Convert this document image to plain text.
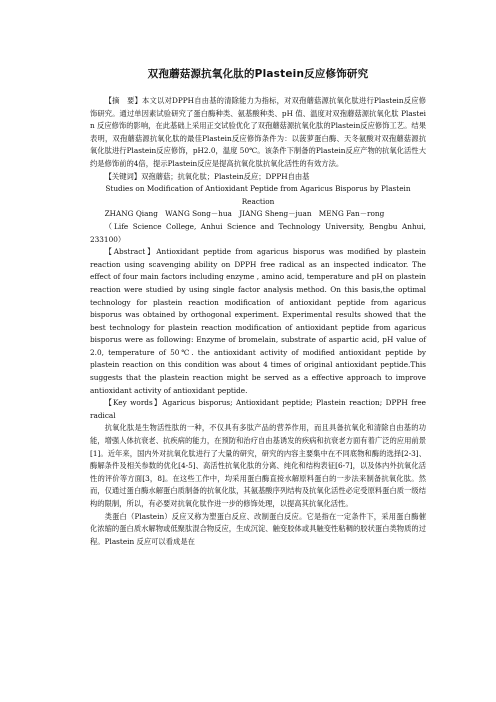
双孢蘑菇源抗氧化肽的Plastein反应修饰研究

【摘　要】本文以对DPPH自由基的清除能力为指标，对双孢蘑菇源抗氧化肽进行Plastein反应修饰研究。通过单因素试验研究了蛋白酶种类、氨基酸种类、pH 值、温度对双孢蘑菇源抗氧化肽 Plastein 反应修饰的影响，在此基础上采用正交试验优化了双孢蘑菇源抗氧化肽的Plastein反应修饰工艺。结果表明，双孢蘑菇源抗氧化肽的最佳Plastein反应修饰条件为：以菠萝蛋白酶、天冬氨酸对双孢蘑菇源抗氧化肽进行Plastein反应修饰，pH2.0，温度 50℃。该条件下制备的Plastein反应产物的抗氧化活性大约是修饰前的4倍，提示Plastein反应是提高抗氧化肽抗氧化活性的有效方法。

【关键词】双孢蘑菇；抗氧化肽；Plastein反应；DPPH自由基

Studies on Modification of Antioxidant Peptide from Agaricus Bisporus by Plastein Reaction

ZHANG Qiang　WANG Song－hua　JIANG Sheng－juan　MENG Fan－rong

（Life Science College, Anhui Science and Technology University, Bengbu Anhui, 233100）

【Abstract】Antioxidant peptide from agaricus bisporus was modified by plastein reaction using scavenging ability on DPPH free radical as an inspected indicator. The effect of four main factors including enzyme , amino acid, temperature and pH on plastein reaction were studied by using single factor analysis method. On this basis,the optimal technology for plastein reaction modification of antioxidant peptide from agaricus bisporus was obtained by orthogonal experiment. Experimental results showed that the best technology for plastein reaction modification of antioxidant peptide from agaricus bisporus were as following: Enzyme of bromelain, substrate of aspartic acid, pH value of 2.0, temperature of 50℃. the antioxidant activity of modified antioxidant peptide by plastein reaction on this condition was about 4 times of original antioxidant peptide.This suggests that the plastein reaction might be served as a effective approach to improve antioxidant activity of antioxidant peptide.

【Key words】Agaricus bisporus; Antioxidant peptide; Plastein reaction; DPPH free radical

抗氧化肽是生物活性肽的一种，不仅具有多肽产品的营养作用，而且具备抗氧化和清除自由基的功能，增强人体抗衰老、抗疾病的能力，在预防和治疗自由基诱发的疾病和抗衰老方面有着广泛的应用前景[1]。近年来，国内外对抗氧化肽进行了大量的研究，研究的内容主要集中在不同底物和酶的选择[2-3]、酶解条件及相关参数的优化[4-5]、高活性抗氧化肽的分离、纯化和结构表征[6-7]，以及体内外抗氧化活性的评价等方面[3，8]。在这些工作中，均采用蛋白酶直接水解原料蛋白的一步法来制备抗氧化肽。然而，仅通过蛋白酶水解蛋白质制备的抗氧化肽，其氨基酸序列结构及抗氧化活性必定受原料蛋白质一级结构的限制，所以，有必要对抗氧化肽作进一步的修饰处理，以提高其抗氧化活性。

类蛋白（Plastein）反应又称为塑蛋白反应、改制蛋白反应。它是指在一定条件下，采用蛋白酶催化浓缩的蛋白质水解物或低聚肽混合物反应，生成沉淀、触变胶体或具触变性粘稠的胶状蛋白类物质的过程。Plastein 反应可以看成是在
